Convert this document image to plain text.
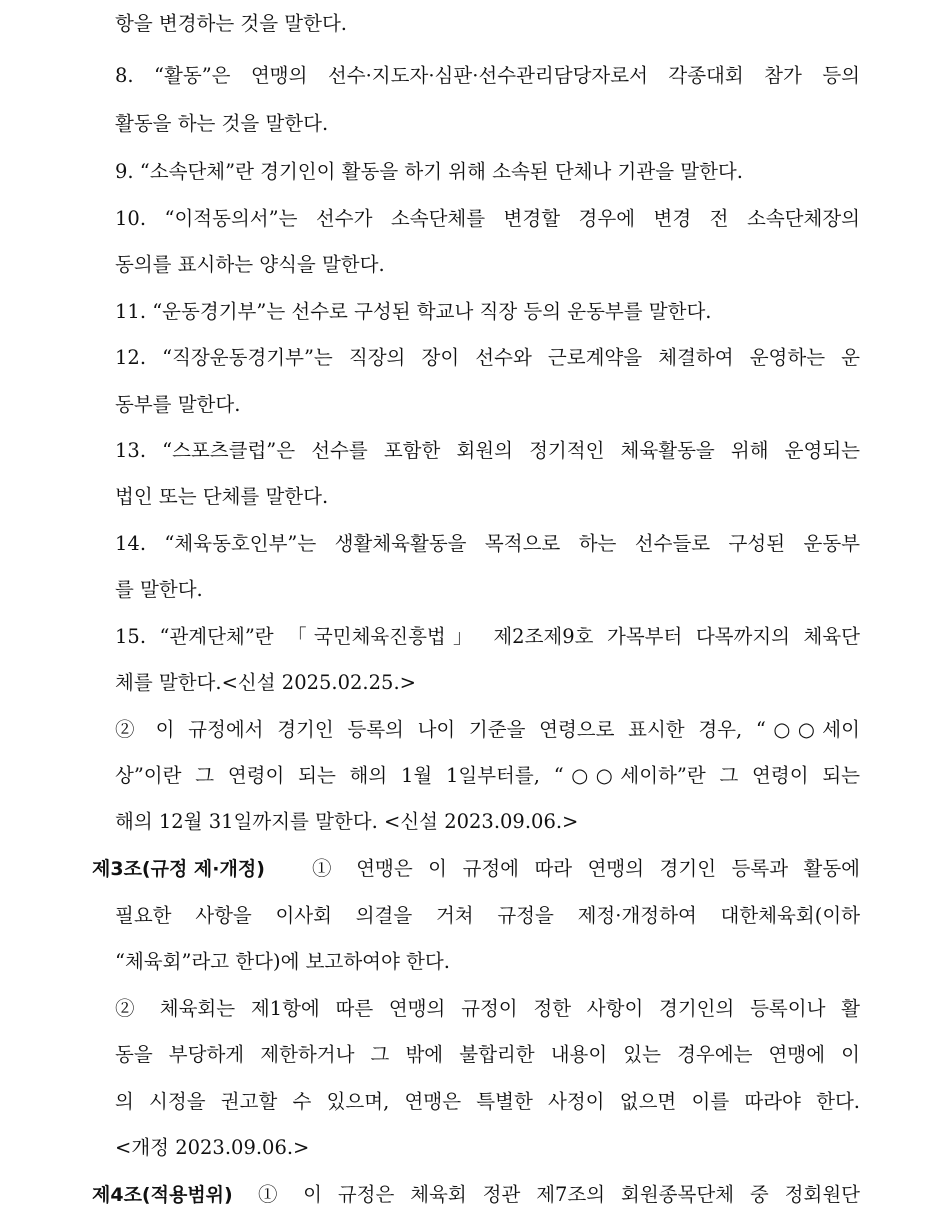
항을 변경하는 것을 말한다.
8. “활동”은 연맹의 선수·지도자·심판·선수관리담당자로서 각종대회 참가 등의
활동을 하는 것을 말한다.
9. “소속단체”란 경기인이 활동을 하기 위해 소속된 단체나 기관을 말한다.
10. “이적동의서”는 선수가 소속단체를 변경할 경우에 변경 전 소속단체장의
동의를 표시하는 양식을 말한다.
11. “운동경기부”는 선수로 구성된 학교나 직장 등의 운동부를 말한다.
12. “직장운동경기부”는 직장의 장이 선수와 근로계약을 체결하여 운영하는 운
동부를 말한다.
13. “스포츠클럽”은 선수를 포함한 회원의 정기적인 체육활동을 위해 운영되는
법인 또는 단체를 말한다.
14. “체육동호인부”는 생활체육활동을 목적으로 하는 선수들로 구성된 운동부
를 말한다.
15. “관계단체”란 「국민체육진흥법」 제2조제9호 가목부터 다목까지의 체육단
체를 말한다.<신설 2025.02.25.>
② 이 규정에서 경기인 등록의 나이 기준을 연령으로 표시한 경우, “○○세이
상”이란 그 연령이 되는 해의 1월 1일부터를, “○○세이하”란 그 연령이 되는
해의 12월 31일까지를 말한다. <신설 2023.09.06.>
제3조(규정 제·개정) ① 연맹은 이 규정에 따라 연맹의 경기인 등록과 활동에
필요한 사항을 이사회 의결을 거쳐 규정을 제정·개정하여 대한체육회(이하
“체육회”라고 한다)에 보고하여야 한다.
② 체육회는 제1항에 따른 연맹의 규정이 정한 사항이 경기인의 등록이나 활
동을 부당하게 제한하거나 그 밖에 불합리한 내용이 있는 경우에는 연맹에 이
의 시정을 권고할 수 있으며, 연맹은 특별한 사정이 없으면 이를 따라야 한다.
<개정 2023.09.06.>
제4조(적용범위) ① 이 규정은 체육회 정관 제7조의 회원종목단체 중 정회원단
